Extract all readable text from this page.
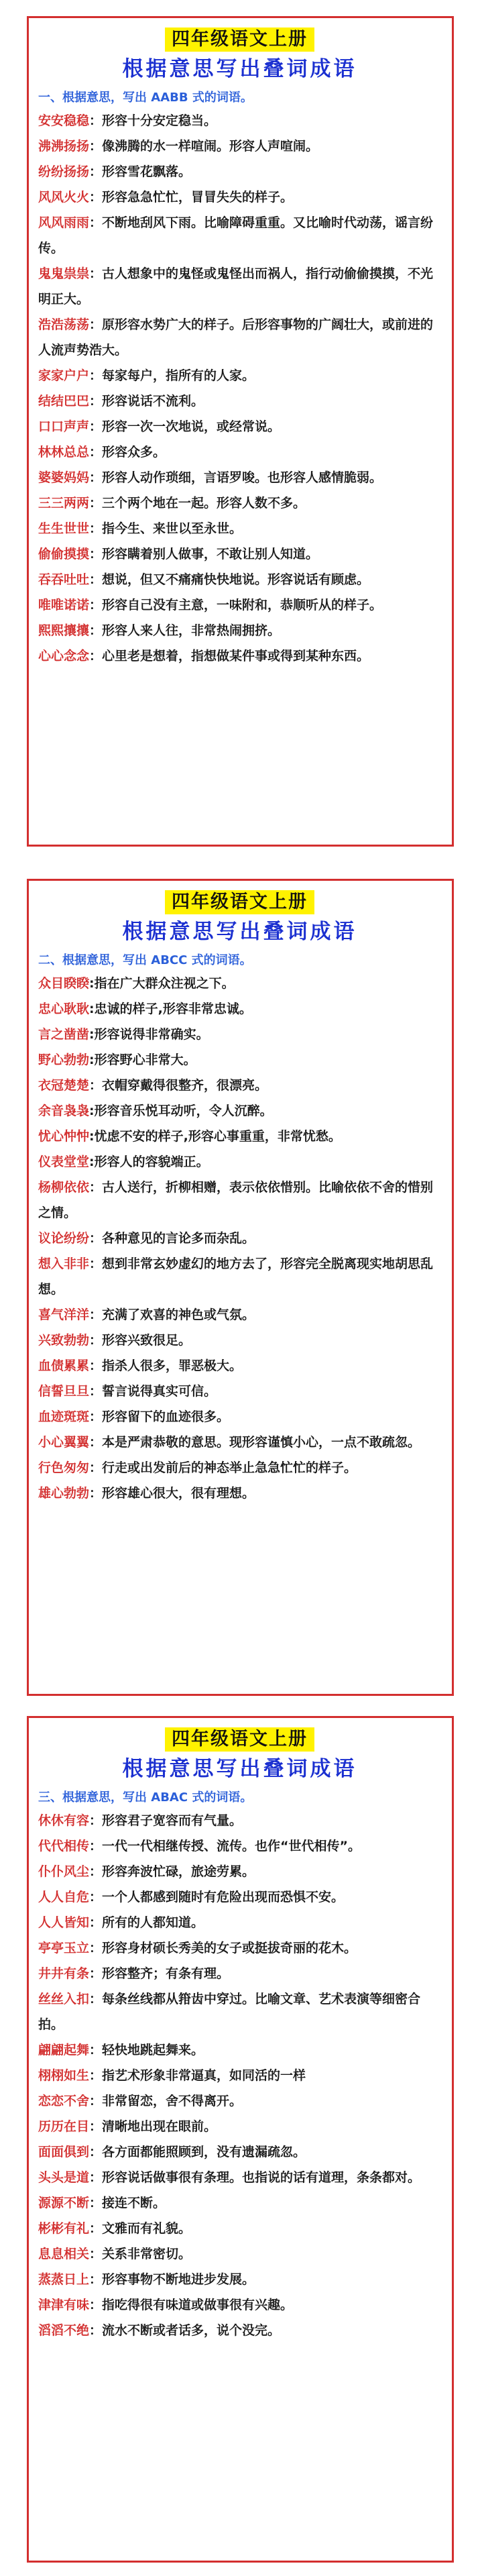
四年级语文上册
根据意思写出叠词成语
一、根据意思，写出 AABB 式的词语。
安安稳稳：形容十分安定稳当。
沸沸扬扬：像沸腾的水一样喧闹。形容人声喧闹。
纷纷扬扬：形容雪花飘落。
风风火火：形容急急忙忙，冒冒失失的样子。
风风雨雨：不断地刮风下雨。比喻障碍重重。又比喻时代动荡，谣言纷传。
鬼鬼祟祟：古人想象中的鬼怪或鬼怪出而祸人，指行动偷偷摸摸，不光明正大。
浩浩荡荡：原形容水势广大的样子。后形容事物的广阔壮大，或前进的人流声势浩大。
家家户户：每家每户，指所有的人家。
结结巴巴：形容说话不流利。
口口声声：形容一次一次地说，或经常说。
林林总总：形容众多。
婆婆妈妈：形容人动作琐细，言语罗唆。也形容人感情脆弱。
三三两两：三个两个地在一起。形容人数不多。
生生世世：指今生、来世以至永世。
偷偷摸摸：形容瞒着别人做事，不敢让别人知道。
吞吞吐吐：想说，但又不痛痛快快地说。形容说话有顾虑。
唯唯诺诺：形容自己没有主意，一味附和，恭顺听从的样子。
熙熙攘攘：形容人来人往，非常热闹拥挤。
心心念念：心里老是想着，指想做某件事或得到某种东西。
四年级语文上册
根据意思写出叠词成语
二、根据意思，写出 ABCC 式的词语。
众目睽睽:指在广大群众注视之下。
忠心耿耿:忠诚的样子,形容非常忠诚。
言之凿凿:形容说得非常确实。
野心勃勃:形容野心非常大。
衣冠楚楚：衣帽穿戴得很整齐，很漂亮。
余音袅袅:形容音乐悦耳动听，令人沉醉。
忧心忡忡:忧虑不安的样子,形容心事重重，非常忧愁。
仪表堂堂:形容人的容貌端正。
杨柳依依：古人送行，折柳相赠，表示依依惜别。比喻依依不舍的惜别之情。
议论纷纷：各种意见的言论多而杂乱。
想入非非：想到非常玄妙虚幻的地方去了，形容完全脱离现实地胡思乱想。
喜气洋洋：充满了欢喜的神色或气氛。
兴致勃勃：形容兴致很足。
血债累累：指杀人很多，罪恶极大。
信誓旦旦：誓言说得真实可信。
血迹斑斑：形容留下的血迹很多。
小心翼翼：本是严肃恭敬的意思。现形容谨慎小心，一点不敢疏忽。
行色匆匆：行走或出发前后的神态举止急急忙忙的样子。
雄心勃勃：形容雄心很大，很有理想。
四年级语文上册
根据意思写出叠词成语
三、根据意思，写出 ABAC 式的词语。
休休有容：形容君子宽容而有气量。
代代相传：一代一代相继传授、流传。也作“世代相传”。
仆仆风尘：形容奔波忙碌，旅途劳累。
人人自危：一个人都感到随时有危险出现而恐惧不安。
人人皆知：所有的人都知道。
亭亭玉立：形容身材硕长秀美的女子或挺拔奇丽的花木。
井井有条：形容整齐；有条有理。
丝丝入扣：每条丝线都从箝齿中穿过。比喻文章、艺术表演等细密合拍。
翩翩起舞：轻快地跳起舞来。
栩栩如生：指艺术形象非常逼真，如同活的一样
恋恋不舍：非常留恋，舍不得离开。
历历在目：清晰地出现在眼前。
面面俱到：各方面都能照顾到，没有遗漏疏忽。
头头是道：形容说话做事很有条理。也指说的话有道理，条条都对。
源源不断：接连不断。
彬彬有礼：文雅而有礼貌。
息息相关：关系非常密切。
蒸蒸日上：形容事物不断地进步发展。
津津有味：指吃得很有味道或做事很有兴趣。
滔滔不绝：流水不断或者话多，说个没完。
